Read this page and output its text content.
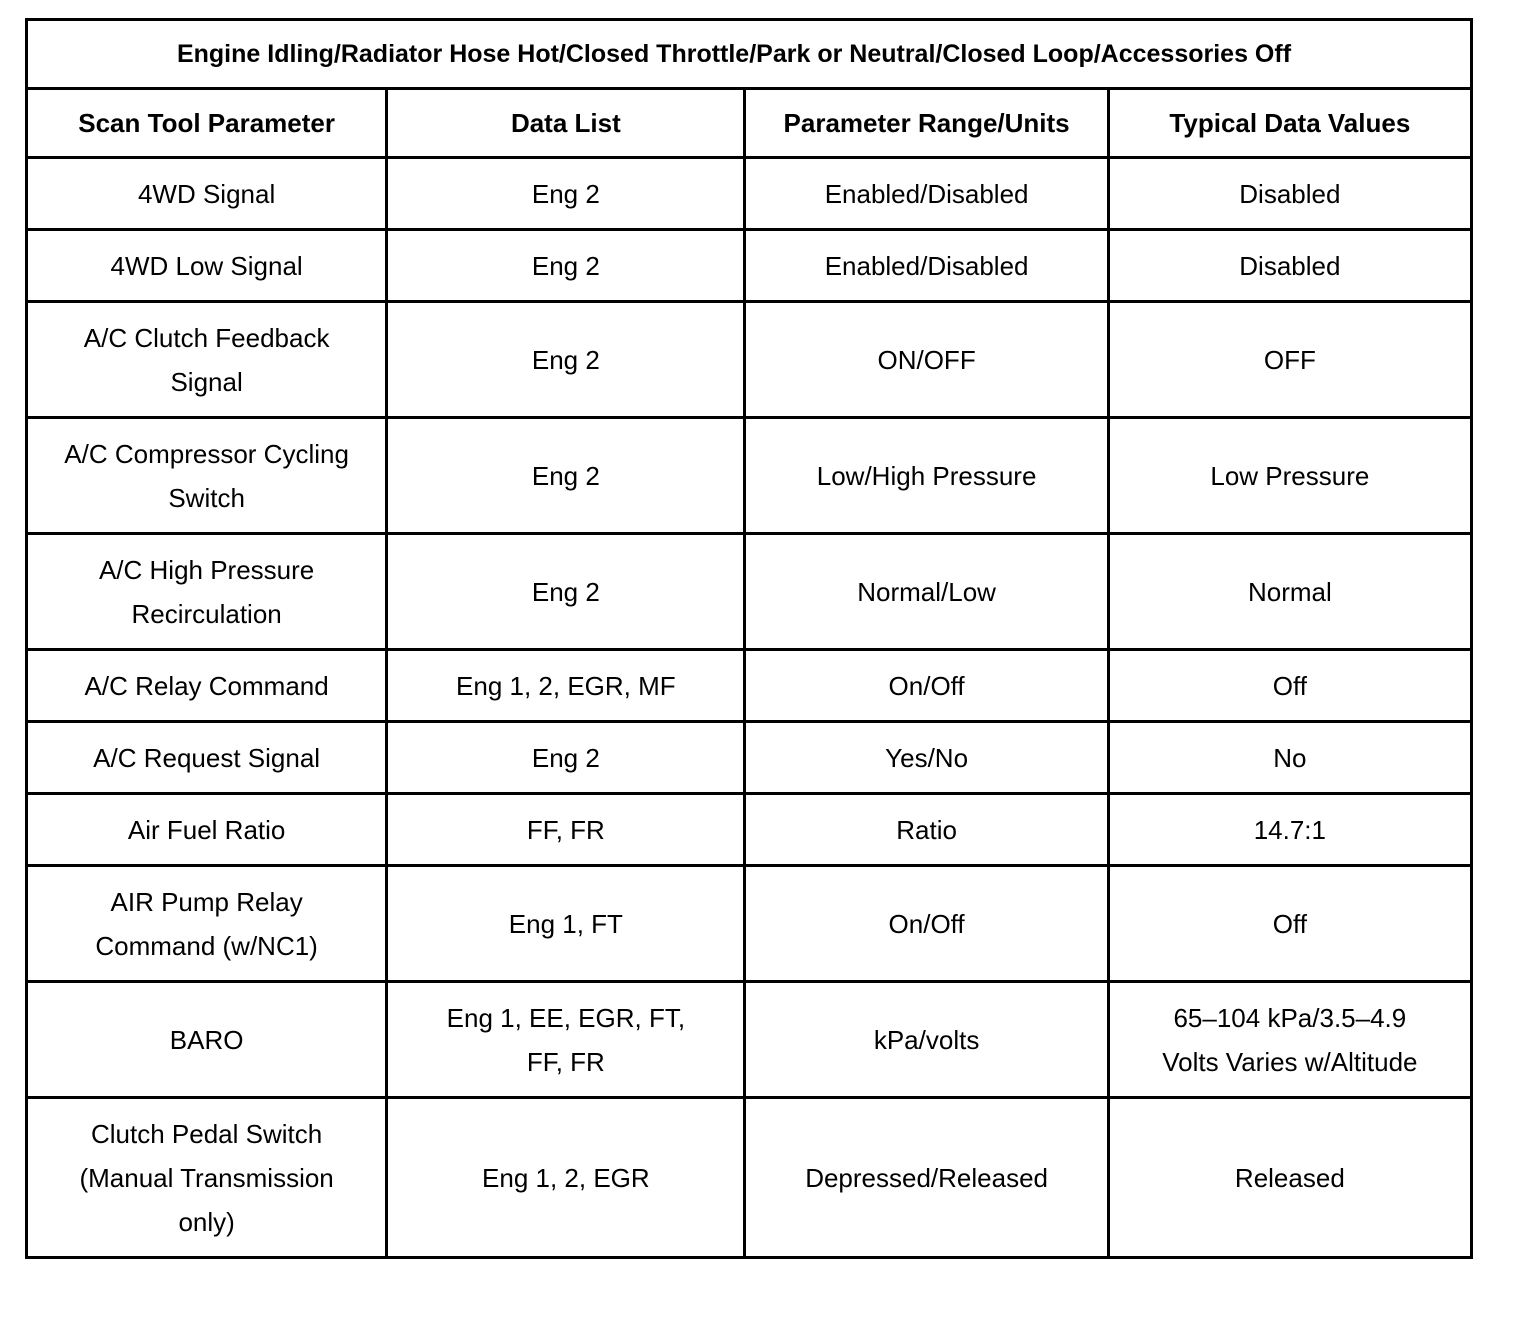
Engine Idling/Radiator Hose Hot/Closed Throttle/Park or Neutral/Closed Loop/Accessories Off			
Scan Tool Parameter	Data List	Parameter Range/Units	Typical Data Values
4WD Signal	Eng 2	Enabled/Disabled	Disabled
4WD Low Signal	Eng 2	Enabled/Disabled	Disabled
A/C Clutch Feedback Signal	Eng 2	ON/OFF	OFF
A/C Compressor Cycling Switch	Eng 2	Low/High Pressure	Low Pressure
A/C High Pressure Recirculation	Eng 2	Normal/Low	Normal
A/C Relay Command	Eng 1, 2, EGR, MF	On/Off	Off
A/C Request Signal	Eng 2	Yes/No	No
Air Fuel Ratio	FF, FR	Ratio	14.7:1
AIR Pump Relay Command (w/NC1)	Eng 1, FT	On/Off	Off
BARO	Eng 1, EE, EGR, FT, FF, FR	kPa/volts	65–104 kPa/3.5–4.9 Volts Varies w/Altitude
Clutch Pedal Switch (Manual Transmission only)	Eng 1, 2, EGR	Depressed/Released	Released
